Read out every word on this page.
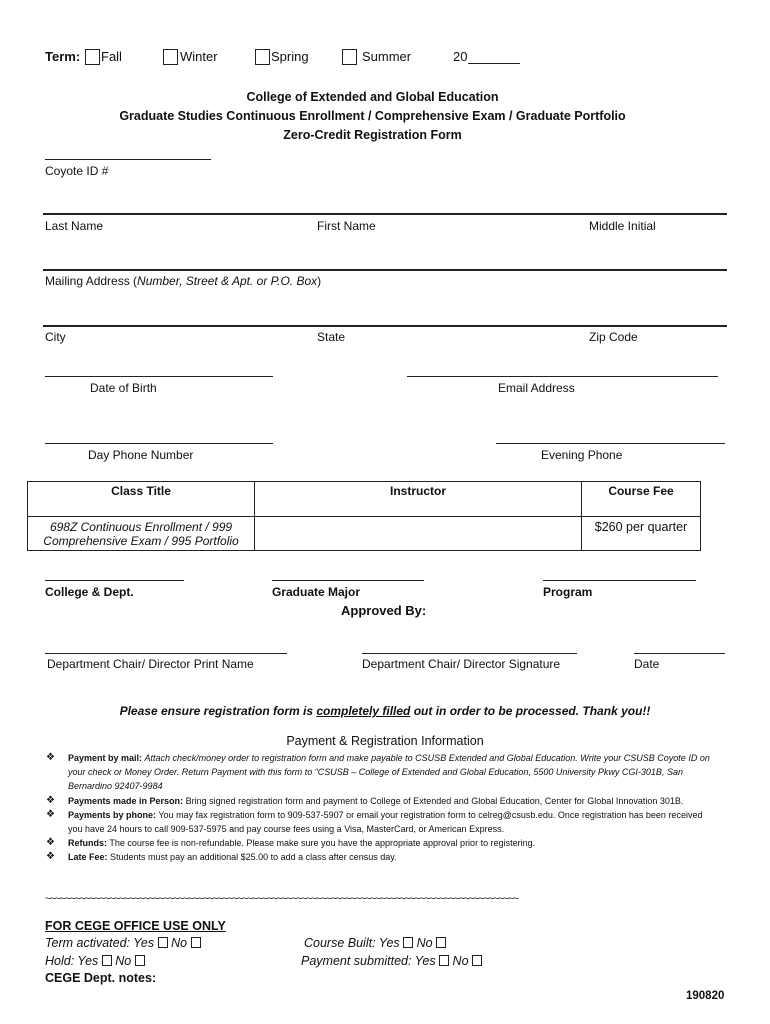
Term: Fall	Winter	Spring	Summer	20
College of Extended and Global Education
Graduate Studies Continuous Enrollment / Comprehensive Exam / Graduate Portfolio
Zero-Credit Registration Form
Coyote ID #
Last Name	First Name	Middle Initial
Mailing Address (Number, Street & Apt. or P.O. Box)
City	State	Zip Code
Date of Birth	Email Address
Day Phone Number	Evening Phone
Class Title	Instructor	Course Fee

698Z Continuous Enrollment / 999
Comprehensive Exam / 995 Portfolio		$260 per quarter
College & Dept.	Graduate Major	Program
Approved By:
Department Chair/ Director Print Name	Department Chair/ Director Signature	Date
Please ensure registration form is completely filled out in order to be processed. Thank you!!
Payment & Registration Information
❖ Payment by mail: Attach check/money order to registration form and make payable to CSUSB Extended and Global Education. Write your CSUSB Coyote ID on your check or Money Order. Return Payment with this form to “CSUSB – College of Extended and Global Education, 5500 University Pkwy CGI-301B, San Bernardino 92407-9984
❖ Payments made in Person: Bring signed registration form and payment to College of Extended and Global Education, Center for Global Innovation 301B.
❖ Payments by phone: You may fax registration form to 909-537-5907 or email your registration form to celreg@csusb.edu. Once registration has been received you have 24 hours to call 909-537-5975 and pay course fees using a Visa, MasterCard, or American Express.
❖ Refunds: The course fee is non-refundable. Please make sure you have the appropriate approval prior to registering.
❖ Late Fee: Students must pay an additional $25.00 to add a class after census day.
~~~~~~~~~~~~~~~~~~~~~~~~~~~~~~~~~~~~~~~~~~~~~~~~~~~~~~~~~~~~~~~~~~~~~~~~~~~~~~~~~~~~~~~~~~~~~~~~
FOR CEGE OFFICE USE ONLY
Term activated: Yes No
Hold: Yes No
Course Built: Yes No
Payment submitted: Yes No
CEGE Dept. notes:
190820
